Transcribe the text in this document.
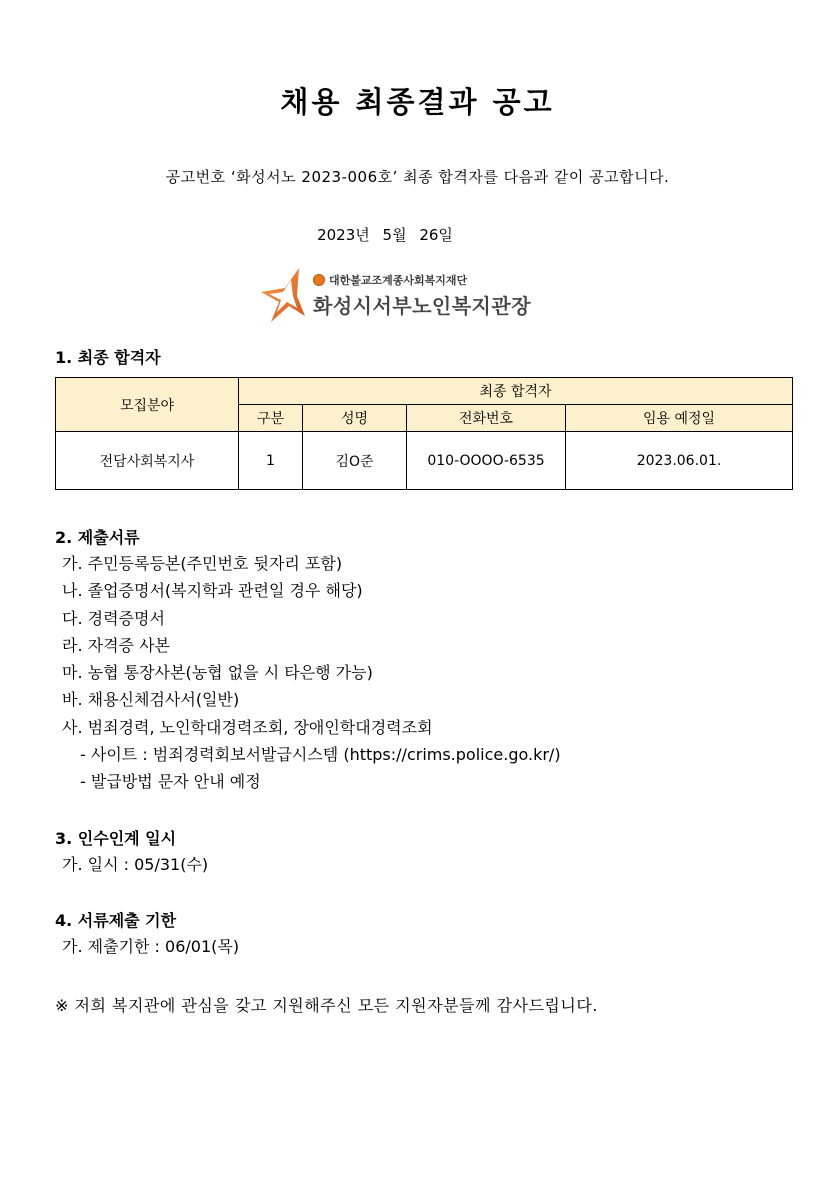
채용 최종결과 공고
공고번호 ‘화성서노 2023-006호’ 최종 합격자를 다음과 같이 공고합니다.
2023년 5월 26일
대한불교조계종사회복지재단
화성시서부노인복지관장
1. 최종 합격자
모집분야	최종 합격자			
	구분	성명	전화번호	임용 예정일
전담사회복지사	1	김O준	010-OOOO-6535	2023.06.01.
2. 제출서류
가. 주민등록등본(주민번호 뒷자리 포함)
나. 졸업증명서(복지학과 관련일 경우 해당)
다. 경력증명서
라. 자격증 사본
마. 농협 통장사본(농협 없을 시 타은행 가능)
바. 채용신체검사서(일반)
사. 범죄경력, 노인학대경력조회, 장애인학대경력조회
- 사이트 : 범죄경력회보서발급시스템 (https://crims.police.go.kr/)
- 발급방법 문자 안내 예정
3. 인수인계 일시
가. 일시 : 05/31(수)
4. 서류제출 기한
가. 제출기한 : 06/01(목)
※ 저희 복지관에 관심을 갖고 지원해주신 모든 지원자분들께 감사드립니다.
